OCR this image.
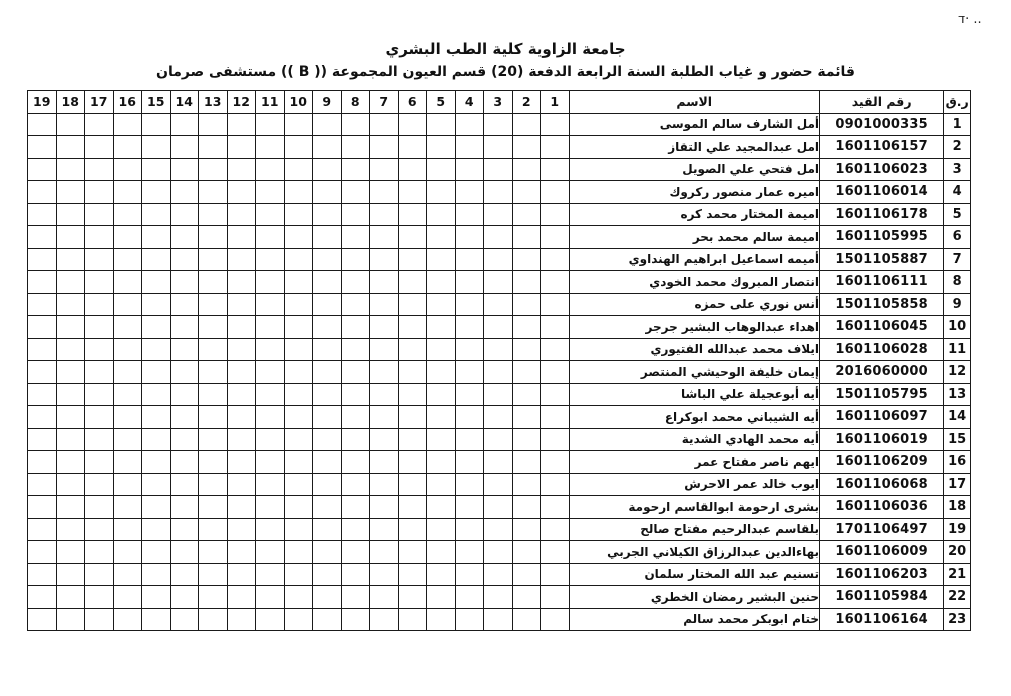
ד· ..
جامعة الزاوية كلية الطب البشري
قائمة حضور و غياب الطلبة السنة الرابعة الدفعة (20) قسم العيون المجموعة (( B )) مستشفى صرمان
19	18	17	16	15	14	13	12	11	10	9	8	7	6	5	4	3	2	1	الاسم	رقم القيد	ر.ق
																			أمل الشارف سالم الموسى	0901000335	1
																			امل عبدالمجيد علي التقاز	1601106157	2
																			امل فتحي علي الصويل	1601106023	3
																			اميره عمار منصور ركروك	1601106014	4
																			اميمة المختار محمد كره	1601106178	5
																			اميمة سالم محمد بحر	1601105995	6
																			أميمه اسماعيل ابراهيم الهنداوي	1501105887	7
																			انتصار المبروك محمد الخودي	1601106111	8
																			أنس نوري على حمزه	1501105858	9
																			اهداء عبدالوهاب البشير جرجر	1601106045	10
																			ايلاف محمد عبدالله الفتيوري	1601106028	11
																			إيمان خليفة الوحيشي المنتصر	2016060000	12
																			أيه أبوعجيلة علي الباشا	1501105795	13
																			أيه الشيباني محمد ابوكراع	1601106097	14
																			أيه محمد الهادي الشدية	1601106019	15
																			ايهم ناصر مفتاح عمر	1601106209	16
																			ايوب خالد عمر الاحرش	1601106068	17
																			بشرى ارحومة ابوالقاسم ارحومة	1601106036	18
																			بلقاسم عبدالرحيم مفتاح صالح	1701106497	19
																			بهاءالدين عبدالرزاق الكيلاني الجربي	1601106009	20
																			تسنيم عبد الله المختار سلمان	1601106203	21
																			حنين البشير رمضان الخطري	1601105984	22
																			ختام ابوبكر محمد سالم	1601106164	23
